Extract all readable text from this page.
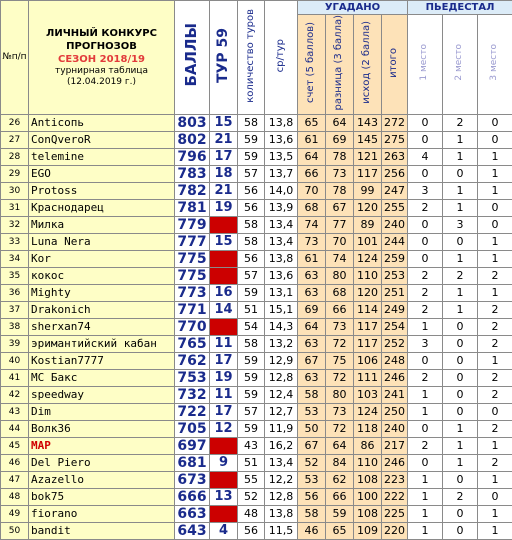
№п/п	ЛИЧНЫЙ КОНКУРС
ПРОГНОЗОВ
СЕЗОН 2018/19
турнирная таблица
(12.04.2019 г.)	БАЛЛЫ	ТУР 59	количество туров	ср/тур	УГАДАНО				ПЬЕДЕСТАЛ		
						счет (5 баллов)	разница (3 балла)	исход (2 балла)	итого	1 место	2 место	3 место
26	Anticoпь	803	15	58	13,8	65	64	143	272	0	2	0
27	ConQveroR	802	21	59	13,6	61	69	145	275	0	1	0
28	telemine	796	17	59	13,5	64	78	121	263	4	1	1
29	EGO	783	18	57	13,7	66	73	117	256	0	0	1
30	Protoss	782	21	56	14,0	70	78	99	247	3	1	1
31	Краснодарец	781	19	56	13,9	68	67	120	255	2	1	0
32	Милка	779		58	13,4	74	77	89	240	0	3	0
33	Luna Nera	777	15	58	13,4	73	70	101	244	0	0	1
34	Kor	775		56	13,8	61	74	124	259	0	1	1
35	кокос	775		57	13,6	63	80	110	253	2	2	2
36	Mighty	773	16	59	13,1	63	68	120	251	2	1	1
37	Drakonich	771	14	51	15,1	69	66	114	249	2	1	2
38	sherxan74	770		54	14,3	64	73	117	254	1	0	2
39	эримантийский кабан	765	11	58	13,2	63	72	117	252	3	0	2
40	Kostian7777	762	17	59	12,9	67	75	106	248	0	0	1
41	MC Бакс	753	19	59	12,8	63	72	111	246	2	0	2
42	speedway	732	11	59	12,4	58	80	103	241	1	0	2
43	Dim	722	17	57	12,7	53	73	124	250	1	0	0
44	Волк36	705	12	59	11,9	50	72	118	240	0	1	2
45	MAP	697		43	16,2	67	64	86	217	2	1	1
46	Del Piero	681	9	51	13,4	52	84	110	246	0	1	2
47	Azazello	673		55	12,2	53	62	108	223	1	0	1
48	bok75	666	13	52	12,8	56	66	100	222	1	2	0
49	fiorano	663		48	13,8	58	59	108	225	1	0	1
50	bandit	643	4	56	11,5	46	65	109	220	1	0	1
